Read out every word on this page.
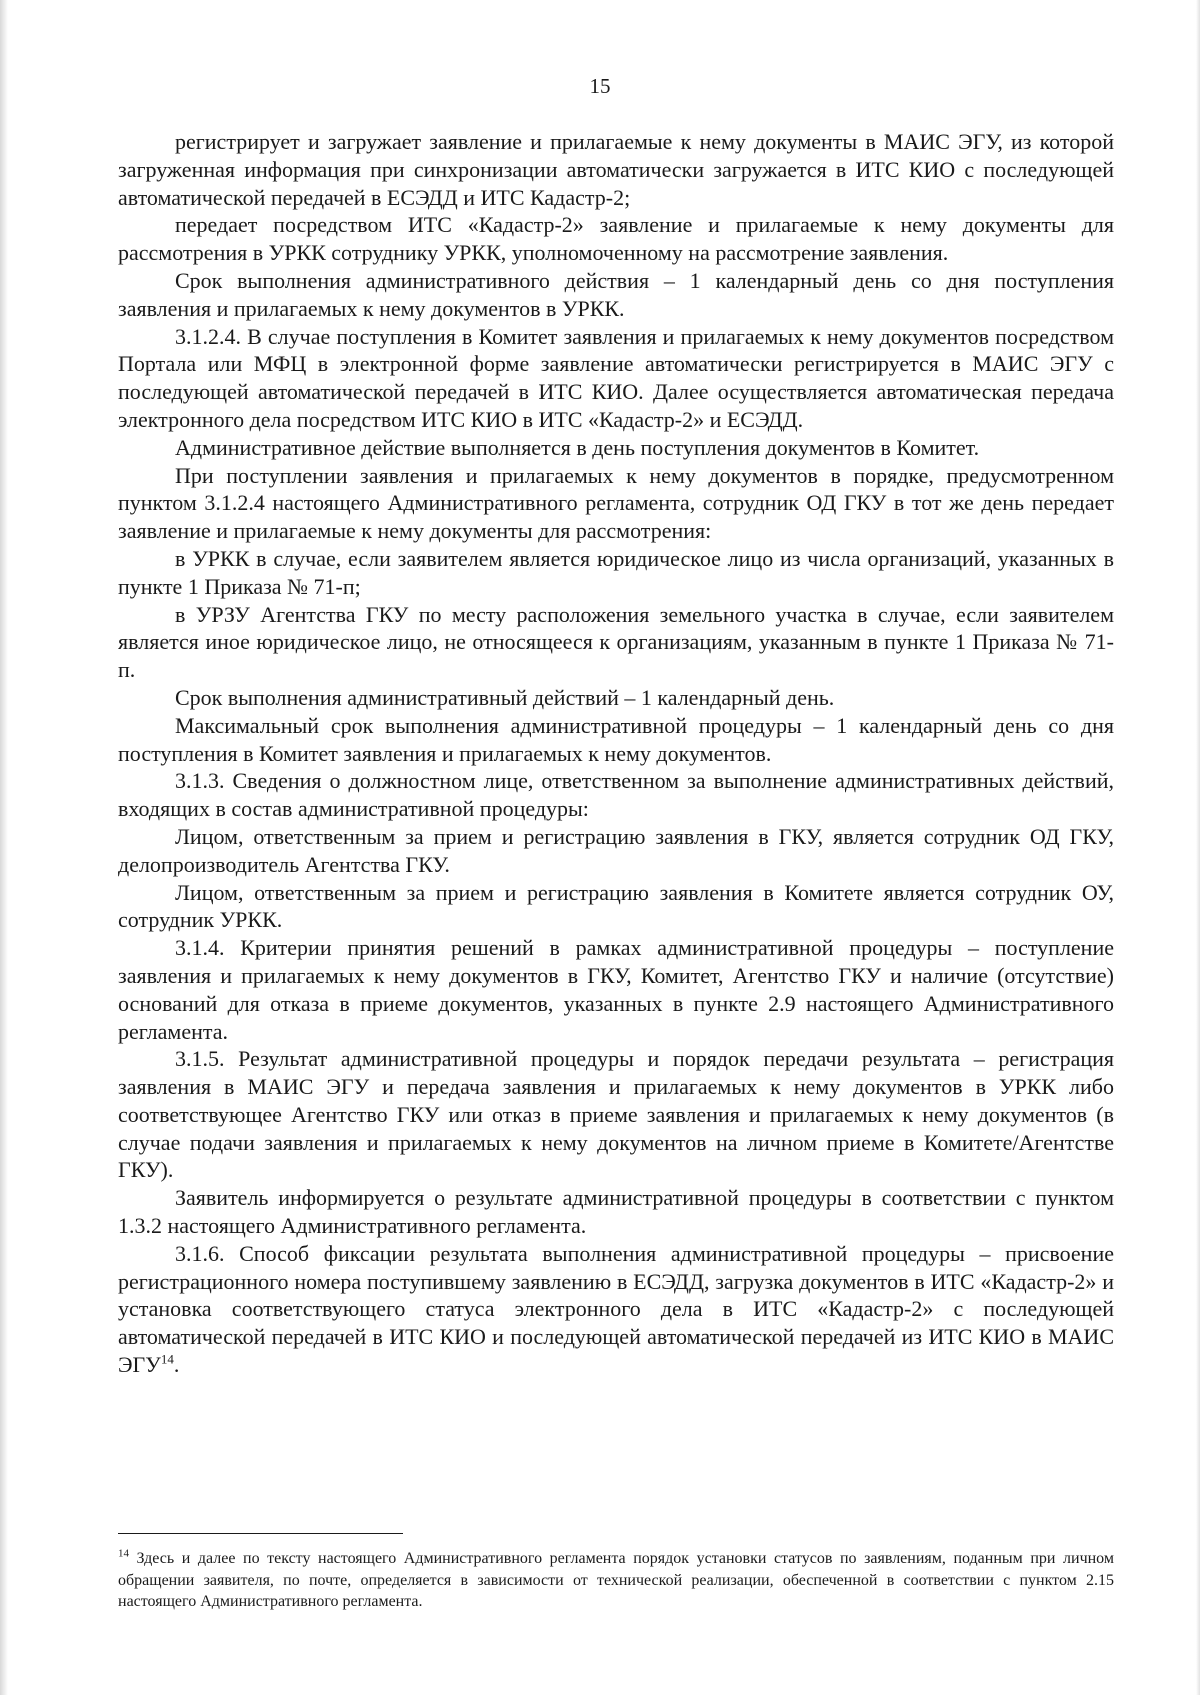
15

регистрирует и загружает заявление и прилагаемые к нему документы в МАИС ЭГУ, из которой загруженная информация при синхронизации автоматически загружается в ИТС КИО с последующей автоматической передачей в ЕСЭДД и ИТС Кадастр-2;

передает посредством ИТС «Кадастр-2» заявление и прилагаемые к нему документы для рассмотрения в УРКК сотруднику УРКК, уполномоченному на рассмотрение заявления.

Срок выполнения административного действия – 1 календарный день со дня поступления заявления и прилагаемых к нему документов в УРКК.

3.1.2.4. В случае поступления в Комитет заявления и прилагаемых к нему документов посредством Портала или МФЦ в электронной форме заявление автоматически регистрируется в МАИС ЭГУ с последующей автоматической передачей в ИТС КИО. Далее осуществляется автоматическая передача электронного дела посредством ИТС КИО в ИТС «Кадастр-2» и ЕСЭДД.

Административное действие выполняется в день поступления документов в Комитет.

При поступлении заявления и прилагаемых к нему документов в порядке, предусмотренном пунктом 3.1.2.4 настоящего Административного регламента, сотрудник ОД ГКУ в тот же день передает заявление и прилагаемые к нему документы для рассмотрения:

в УРКК в случае, если заявителем является юридическое лицо из числа организаций, указанных в пункте 1 Приказа № 71-п;

в УРЗУ Агентства ГКУ по месту расположения земельного участка в случае, если заявителем является иное юридическое лицо, не относящееся к организациям, указанным в пункте 1 Приказа № 71-п.

Срок выполнения административный действий – 1 календарный день.

Максимальный срок выполнения административной процедуры – 1 календарный день со дня поступления в Комитет заявления и прилагаемых к нему документов.

3.1.3. Сведения о должностном лице, ответственном за выполнение административных действий, входящих в состав административной процедуры:

Лицом, ответственным за прием и регистрацию заявления в ГКУ, является сотрудник ОД ГКУ, делопроизводитель Агентства ГКУ.

Лицом, ответственным за прием и регистрацию заявления в Комитете является сотрудник ОУ, сотрудник УРКК.

3.1.4. Критерии принятия решений в рамках административной процедуры – поступление заявления и прилагаемых к нему документов в ГКУ, Комитет, Агентство ГКУ и наличие (отсутствие) оснований для отказа в приеме документов, указанных в пункте 2.9 настоящего Административного регламента.

3.1.5. Результат административной процедуры и порядок передачи результата – регистрация заявления в МАИС ЭГУ и передача заявления и прилагаемых к нему документов в УРКК либо соответствующее Агентство ГКУ или отказ в приеме заявления и прилагаемых к нему документов (в случае подачи заявления и прилагаемых к нему документов на личном приеме в Комитете/Агентстве ГКУ).

Заявитель информируется о результате административной процедуры в соответствии с пунктом 1.3.2 настоящего Административного регламента.

3.1.6. Способ фиксации результата выполнения административной процедуры – присвоение регистрационного номера поступившему заявлению в ЕСЭДД, загрузка документов в ИТС «Кадастр-2» и установка соответствующего статуса электронного дела в ИТС «Кадастр-2» с последующей автоматической передачей в ИТС КИО и последующей автоматической передачей из ИТС КИО в МАИС ЭГУ$^{14}$.

$^{14}$ Здесь и далее по тексту настоящего Административного регламента порядок установки статусов по заявлениям, поданным при личном обращении заявителя, по почте, определяется в зависимости от технической реализации, обеспеченной в соответствии с пунктом 2.15 настоящего Административного регламента.
